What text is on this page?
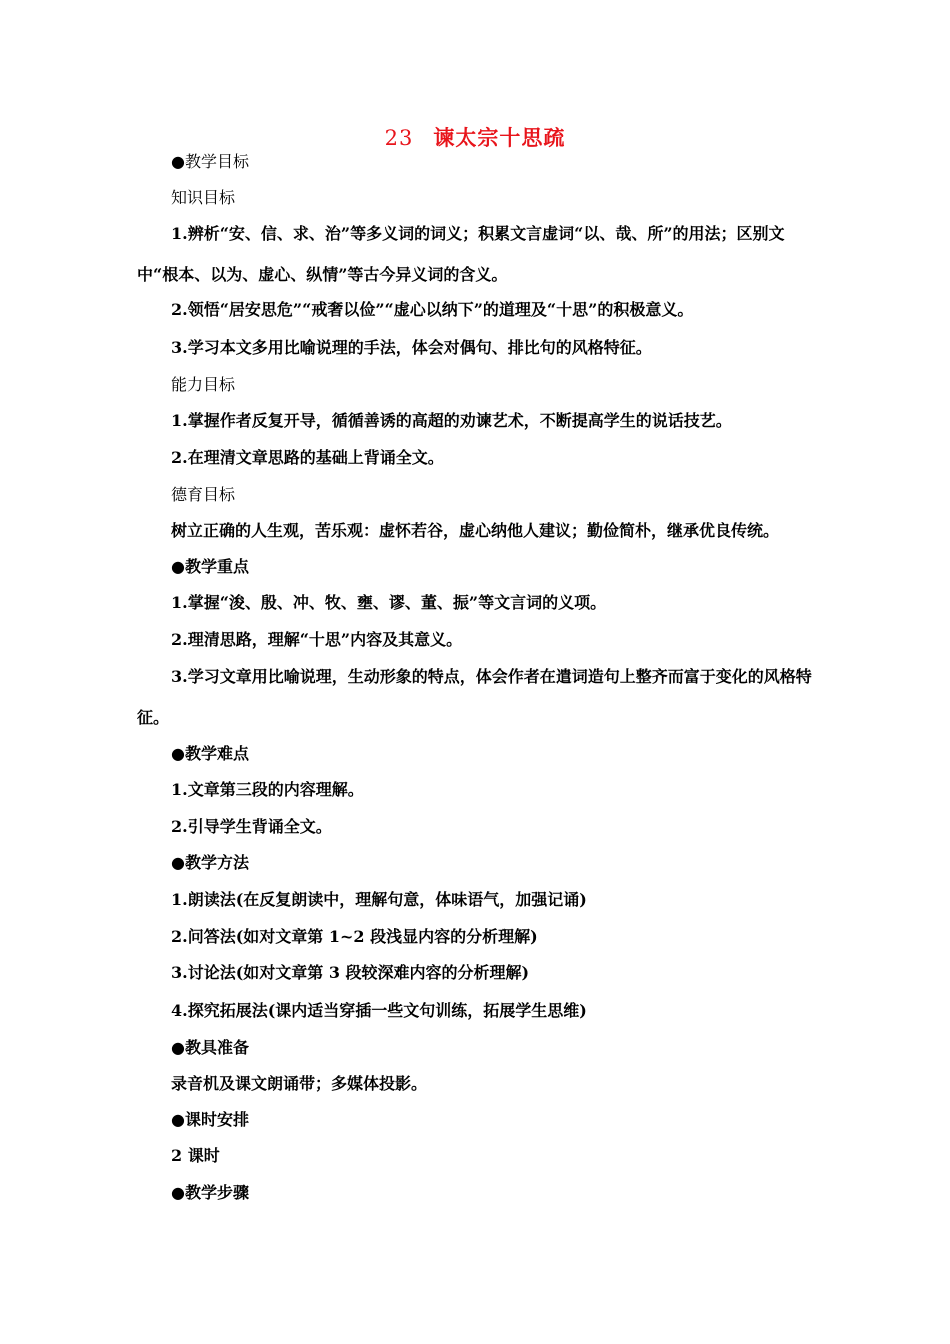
23 谏太宗十思疏
●教学目标
知识目标
1.辨析“安、信、求、治”等多义词的词义；积累文言虚词“以、哉、所”的用法；区别文中“根本、以为、虚心、纵情”等古今异义词的含义。
2.领悟“居安思危”“戒奢以俭”“虚心以纳下”的道理及“十思”的积极意义。
3.学习本文多用比喻说理的手法，体会对偶句、排比句的风格特征。
能力目标
1.掌握作者反复开导，循循善诱的高超的劝谏艺术，不断提高学生的说话技艺。
2.在理清文章思路的基础上背诵全文。
德育目标
树立正确的人生观，苦乐观：虚怀若谷，虚心纳他人建议；勤俭简朴，继承优良传统。
●教学重点
1.掌握“浚、殷、冲、牧、壅、谬、董、振”等文言词的义项。
2.理清思路，理解“十思”内容及其意义。
3.学习文章用比喻说理，生动形象的特点，体会作者在遣词造句上整齐而富于变化的风格特征。
●教学难点
1.文章第三段的内容理解。
2.引导学生背诵全文。
●教学方法
1.朗读法(在反复朗读中，理解句意，体味语气，加强记诵)
2.问答法(如对文章第 1~2 段浅显内容的分析理解)
3.讨论法(如对文章第 3 段较深难内容的分析理解)
4.探究拓展法(课内适当穿插一些文句训练，拓展学生思维)
●教具准备
录音机及课文朗诵带；多媒体投影。
●课时安排
2 课时
●教学步骤
